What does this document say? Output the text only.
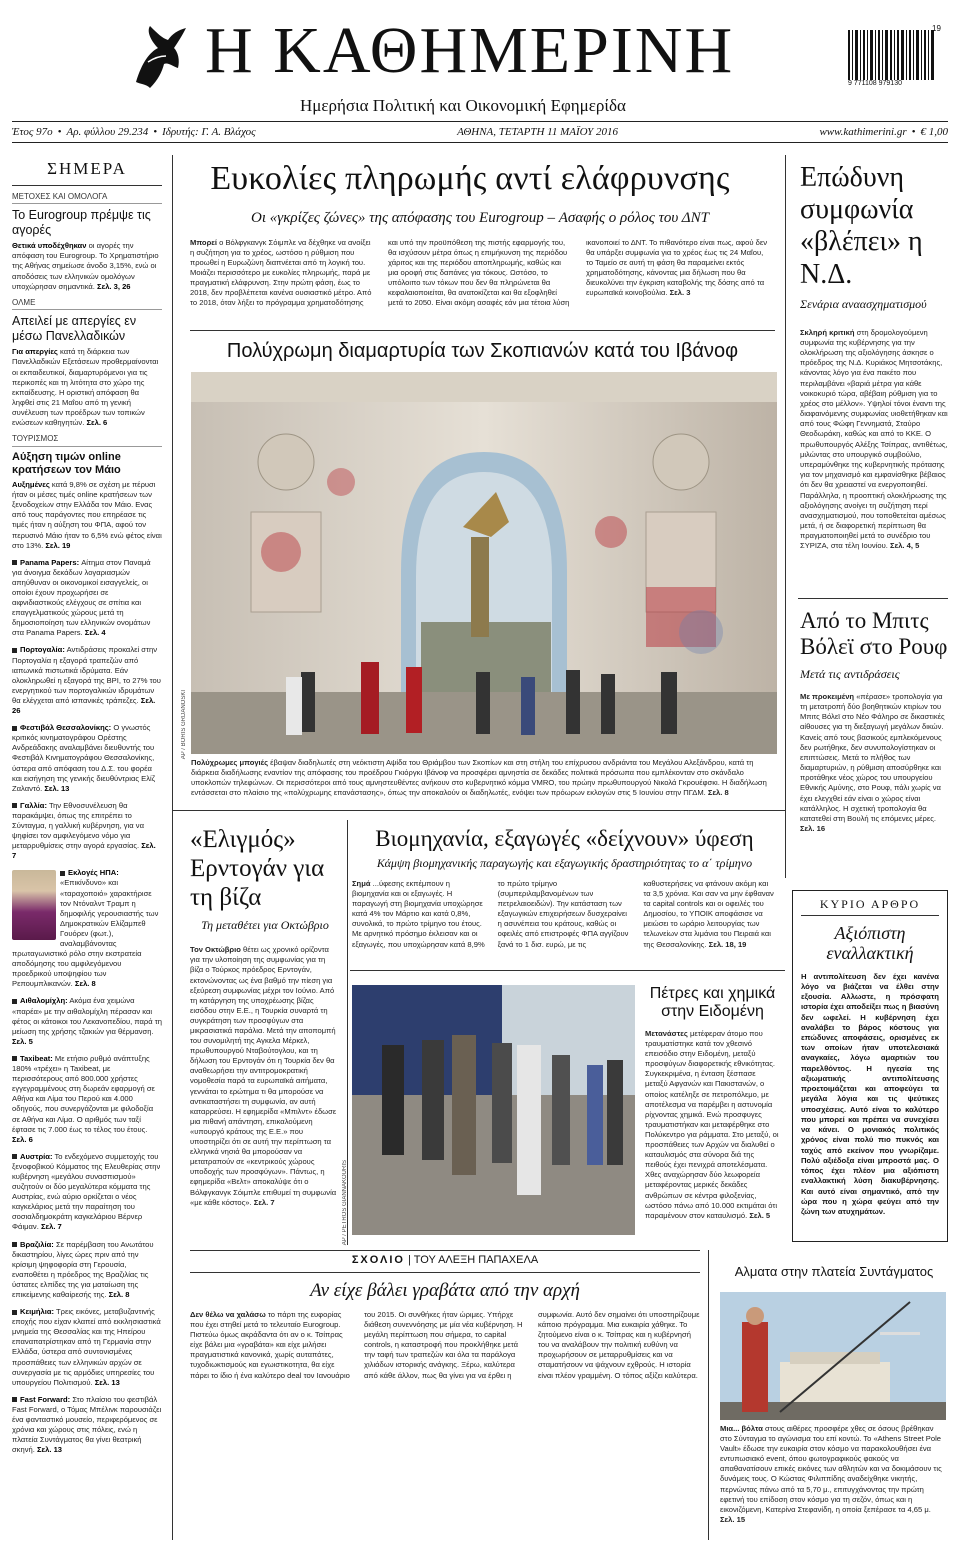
Η ΚΑΘΗΜΕΡΙΝΗ
Ημερήσια Πολιτική και Οικονομική Εφημερίδα
9 771108 979130
19
Έτος 97ο • Αρ. φύλλου 29.234 • Ιδρυτής: Γ. Α. Βλάχος	ΑΘΗΝΑ, ΤΕΤΑΡΤΗ 11 ΜΑΪΟΥ 2016	www.kathimerini.gr • € 1,00
ΣΗΜΕΡΑ
ΜΕΤΟΧΕΣ ΚΑΙ ΟΜΟΛΟΓΑ
Το Eurogroup πρέμψε τις αγορές
Θετικά υποδέχθηκαν οι αγορές την απόφαση του Eurogroup. Το Χρηματιστήριο της Αθήνας σημείωσε άνοδο 3,15%, ενώ οι αποδόσεις των ελληνικών ομολόγων υποχώρησαν σημαντικά. Σελ. 3, 26
ΟΛΜΕ
Απειλεί με απεργίες εν μέσω Πανελλαδικών
Για απεργίες κατά τη διάρκεια των Πανελλαδικών Εξετάσεων προθερμαίνονται οι εκπαιδευτικοί, διαμαρτυρόμενοι για τις περικοπές και τη λιτότητα στο χώρο της εκπαίδευσης. Η οριστική απόφαση θα ληφθεί στις 21 Μαΐου από τη γενική συνέλευση των προέδρων των τοπικών ενώσεων καθηγητών. Σελ. 6
ΤΟΥΡΙΣΜΟΣ
Αύξηση τιμών online κρατήσεων τον Μάιο
Αυξημένες κατά 9,8% σε σχέση με πέρυσι ήταν οι μέσες τιμές online κρατήσεων των ξενοδοχείων στην Ελλάδα τον Μάιο. Ενας από τους παράγοντες που επηρέασε τις τιμές ήταν η αύξηση του ΦΠΑ, αφού τον περυσινό Μάιο ήταν το 6,5% ενώ φέτος είναι στο 13%. Σελ. 19
Panama Papers: Αίτημα στον Παναμά για άνοιγμα δεκάδων λογαριασμών απηύθυναν οι οικονομικοί εισαγγελείς, οι οποίοι έχουν προχωρήσει σε αιφνιδιαστικούς ελέγχους σε σπίτια και επαγγελματικούς χώρους μετά τη δημοσιοποίηση των ελληνικών ονομάτων στα Panama Papers. Σελ. 4
Πορτογαλία: Αντιδράσεις προκαλεί στην Πορτογαλία η εξαγορά τραπεζών από ιαπωνικά πιστωτικά ιδρύματα. Εάν ολοκληρωθεί η εξαγορά της BPI, το 27% του ενεργητικού των πορτογαλικών ιδρυμάτων θα ελέγχεται από ισπανικές τράπεζες. Σελ. 26
Φεστιβάλ Θεσσαλονίκης: Ο γνωστός κριτικός κινηματογράφου Ορέστης Ανδρεάδακης αναλαμβάνει διευθυντής του Φεστιβάλ Κινηματογράφου Θεσσαλονίκης, ύστερα από απόφαση του Δ.Σ. του φορέα και εισήγηση της γενικής διευθύντριας Ελίζ Ζαλαντό. Σελ. 13
Γαλλία: Την Εθνοσυνέλευση θα παρακάμψει, όπως της επιτρέπει το Σύνταγμα, η γαλλική κυβέρνηση, για να ψηφίσει τον αμφιλεγόμενο νόμο για μεταρρυθμίσεις στην αγορά εργασίας. Σελ. 7
Εκλογές ΗΠΑ: «Επικίνδυνο» και «ταραχοποιό» χαρακτήρισε τον Ντόναλντ Τραμπ η δημοφιλής γερουσιαστής των Δημοκρατικών Ελίζαμπεθ Γουόρεν (φωτ.), αναλαμβάνοντας πρωταγωνιστικό ρόλο στην εκστρατεία αποδόμησης του αμφιλεγόμενου προεδρικού υποψηφίου των Ρεπουμπλικανών. Σελ. 8
Αιθαλομίχλη: Ακόμα ένα χειμώνα «παρέα» με την αιθαλομίχλη πέρασαν και φέτος οι κάτοικοι του Λεκανοπεδίου, παρά τη μείωση της χρήσης τζακιών για θέρμανση. Σελ. 5
Taxibeat: Με ετήσιο ρυθμό ανάπτυξης 180% «τρέχει» η Taxibeat, με περισσότερους από 800.000 χρήστες εγγεγραμμένους στη δωρεάν εφαρμογή σε Αθήνα και Λίμα του Περού και 4.000 οδηγούς, που συνεργάζονται με φιλοδοξία σε Αθήνα και Λίμα. Ο αριθμός των ταξί έφτασε τις 7.000 έως το τέλος του έτους. Σελ. 6
Αυστρία: Το ενδεχόμενο συμμετοχής του ξενοφοβικού Κόμματος της Ελευθερίας στην κυβέρνηση «μεγάλου συνασπισμού» συζητούν οι δύο μεγαλύτερα κόμματα της Αυστρίας, ενώ αύριο ορκίζεται ο νέος καγκελάριος μετά την παραίτηση του σοσιαλδημοκράτη καγκελάριου Βέρνερ Φάιμαν. Σελ. 7
Βραζιλία: Σε παρέμβαση του Ανωτάτου δικαστηρίου, λίγες ώρες πριν από την κρίσιμη ψηφοφορία στη Γερουσία, εναποθέτει η πρόεδρος της Βραζιλίας τις ύστατες ελπίδες της για ματαίωση της επικείμενης καθαίρεσής της. Σελ. 8
Κειμήλια: Τρεις εικόνες, μεταβυζαντινής εποχής που είχαν κλαπεί από εκκλησιαστικά μνημεία της Θεσσαλίας και της Ηπείρου επαναπατρίστηκαν από τη Γερμανία στην Ελλάδα, ύστερα από συντονισμένες προσπάθειες των ελληνικών αρχών σε συνεργασία με τις αρμόδιες υπηρεσίες του υπουργείου Πολιτισμού. Σελ. 13
Fast Forward: Στο πλαίσιο του φεστιβάλ Fast Forward, ο Τόμας Μπέλινκ παρουσιάζει ένα φανταστικό μουσείο, περιφερόμενος σε χρόνια και χώρους στις πόλεις, ενώ η πλατεία Συντάγματος θα γίνει θεατρική σκηνή. Σελ. 13
Ευκολίες πληρωμής αντί ελάφρυνσης
Οι «γκρίζες ζώνες» της απόφασης του Eurogroup – Ασαφής ο ρόλος του ΔΝΤ
Μπορεί ο Βόλφγκανγκ Σόιμπλε να δέχθηκε να ανοίξει η συζήτηση για το χρέος, ωστόσο η ρύθμιση που προωθεί η Ευρωζώνη διαπνέεται από τη λογική του. Μοιάζει περισσότερο με ευκολίες πληρωμής, παρά με πραγματική ελάφρυνση. Στην πρώτη φάση, έως το 2018, δεν προβλέπεται κανένα ουσιαστικό μέτρο. Από το 2018, όταν λήξει το πρόγραμμα χρηματοδότησης και υπό την προϋπόθεση της πιστής εφαρμογής του, θα ισχύσουν μέτρα όπως η επιμήκυνση της περιόδου χάριτος και της περιόδου αποπληρωμής, καθώς και μια οροφή στις δαπάνες για τόκους. Ωστόσο, το υπόλοιπο των τόκων που δεν θα πληρώνεται θα κεφαλαιοποιείται, θα ανατοκίζεται και θα εξοφληθεί μετά το 2050. Είναι ακόμη ασαφές εάν μια τέτοια λύση ικανοποιεί το ΔΝΤ. Το πιθανότερο είναι πως, αφού δεν θα υπάρξει συμφωνία για το χρέος έως τις 24 Μαΐου, το Ταμείο σε αυτή τη φάση θα παραμείνει εκτός χρηματοδότησης, κάνοντας μια δήλωση που θα διευκολύνει την έγκριση καταβολής της δόσης από τα ευρωπαϊκά κοινοβούλια. Σελ. 3
Πολύχρωμη διαμαρτυρία των Σκοπιανών κατά του Ιβάνοφ
AP / BORIS GRDANOSKI
Πολύχρωμες μπογιές έβαψαν διαδηλωτές στη νεόκτιστη Αψίδα του Θριάμβου των Σκοπίων και στη στήλη του επίχρυσου ανδριάντα του Μεγάλου Αλεξάνδρου, κατά τη διάρκεια διαδήλωσης εναντίον της απόφασης του προέδρου Γκιόργκι Ιβάνοφ να προσφέρει αμνηστία σε δεκάδες πολιτικά πρόσωπα που εμπλέκονταν στο σκάνδαλο υποκλοπών τηλεφώνων. Οι περισσότεροι από τους αμνηστευθέντες ανήκουν στο κυβερνητικό κόμμα VMRO, του πρώην πρωθυπουργού Νικολά Γκρουέφσκι. Η διαδήλωση εντάσσεται στο πλαίσιο της «πολύχρωμης επανάστασης», όπως την αποκαλούν οι διαδηλωτές, ενόψει των πρόωρων εκλογών στις 5 Ιουνίου στην ΠΓΔΜ. Σελ. 8
Επώδυνη συμφωνία «βλέπει» η Ν.Δ.
Σενάρια αναασχηματισμού
Σκληρή κριτική στη δρομολογούμενη συμφωνία της κυβέρνησης για την ολοκλήρωση της αξιολόγησης άσκησε ο πρόεδρος της Ν.Δ. Κυριάκος Μητσοτάκης, κάνοντας λόγο για ένα πακέτο που περιλαμβάνει «βαριά μέτρα για κάθε νοικοκυριό τώρα, αβέβαιη ρύθμιση για το χρέος στο μέλλον». Υψηλοί τόνοι έναντι της διαφαινόμενης συμφωνίας υιοθετήθηκαν και από τους Φώφη Γεννηματά, Σταύρο Θεοδωράκη, καθώς και από το ΚΚΕ. Ο πρωθυπουργός Αλέξης Τσίπρας, αντιθέτως, μιλώντας στο υπουργικό συμβούλιο, υπεραμύνθηκε της κυβερνητικής πρότασης για τον μηχανισμό και εμφανίσθηκε βέβαιος ότι δεν θα χρειαστεί να ενεργοποιηθεί. Παράλληλα, η προοπτική ολοκλήρωσης της αξιολόγησης ανοίγει τη συζήτηση περί ανασχηματισμού, που τοποθετείται αμέσως μετά, ή σε διαφορετική περίπτωση θα πραγματοποιηθεί μετά το συνέδριο του ΣΥΡΙΖΑ, στα τέλη Ιουνίου. Σελ. 4, 5
Από το Μπιτς Βόλεϊ στο Ρουφ
Μετά τις αντιδράσεις
Με προκειμένη «πέρασε» τροπολογία για τη μετατροπή δύο βοηθητικών κτιρίων του Μπιτς Βόλεϊ στο Νέο Φάληρο σε δικαστικές αίθουσες για τη διεξαγωγή μεγάλων δικών. Κανείς από τους βασικούς εμπλεκόμενους δεν ρωτήθηκε, δεν συνυπολογίστηκαν οι επιπτώσεις. Μετά το πλήθος των διαμαρτυριών, η ρύθμιση αποσύρθηκε και προτάθηκε νέος χώρος του υπουργείου Εθνικής Αμύνης, στο Ρουφ, πάλι χωρίς να έχει ελεγχθεί εάν είναι ο χώρος είναι κατάλληλος. Η σχετική τροπολογία θα κατατεθεί στη Βουλή τις επόμενες μέρες. Σελ. 16
«Ελιγμός» Ερντογάν για τη βίζα
Τη μεταθέτει για Οκτώβριο
Τον Οκτώβριο θέτει ως χρονικό ορίζοντα για την υλοποίηση της συμφωνίας για τη βίζα ο Τούρκος πρόεδρος Ερντογάν, εκτονώνοντας ως ένα βαθμό την πίεση για εξεύρεση συμφωνίας μέχρι τον Ιούνιο. Από τη κατάργηση της υποχρέωσης βίζας εισόδου στην Ε.Ε., η Τουρκία συναρτά τη συγκράτηση των προσφύγων στα μικρασιατικά παράλια. Μετά την αποπομπή του συνομιλητή της Αγκελα Μέρκελ, πρωθυπουργού Νταβούτογλου, και τη δήλωση του Ερντογάν ότι η Τουρκία δεν θα αναθεωρήσει την αντιτρομοκρατική νομοθεσία παρά τα ευρωπαϊκά αιτήματα, γεννάται το ερώτημα τι θα μπορούσε να αντικαταστήσει τη συμφωνία, αν αυτή καταρρεύσει. Η εφημερίδα «Μπιλντ» έδωσε μια πιθανή απάντηση, επικαλούμενη «υπουργό κράτους της Ε.Ε.» που υποστηρίζει ότι σε αυτή την περίπτωση τα ελληνικά νησιά θα μπορούσαν να μετατραπούν σε «κεντρικούς χώρους υποδοχής των προσφύγων». Πάντως, η εφημερίδα «Βελτ» αποκαλύψε ότι ο Βόλφγκανγκ Σόιμπλε επιθυμεί τη συμφωνία «με κάθε κόστος». Σελ. 7
Βιομηχανία, εξαγωγές «δείχνουν» ύφεση
Κάμψη βιομηχανικής παραγωγής και εξαγωγικής δραστηριότητας το α΄ τρίμηνο
Σημά ...ύφεσης εκπέμπουν η βιομηχανία και οι εξαγωγές. Η παραγωγή στη βιομηχανία υποχώρησε κατά 4% τον Μάρτιο και κατά 0,8%, συνολικά, το πρώτο τρίμηνο του έτους. Με αρνητικό πρόσημο έκλεισαν και οι εξαγωγές, που υποχώρησαν κατά 8,9% το πρώτο τρίμηνο (συμπεριλαμβανομένων των πετρελαιοειδών). Την κατάσταση των εξαγωγικών επιχειρήσεων δυσχεραίνει η ασυνέπεια του κράτους, καθώς οι οφειλές από επιστροφές ΦΠΑ αγγίζουν ξανά το 1 δισ. ευρώ, με τις καθυστερήσεις να φτάνουν ακόμη και τα 3,5 χρόνια. Και σαν να μην έφθαναν τα capital controls και οι οφειλές του Δημοσίου, το ΥΠΟΙΚ αποφάσισε να μειώσει το ωράριο λειτουργίας των τελωνείων στα λιμάνια του Πειραιά και της Θεσσαλονίκης. Σελ. 18, 19
AP / PETROS GIANNAKOURIS
Πέτρες και χημικά στην Ειδομένη
Μετανάστες μετέφεραν άτομο που τραυματίστηκε κατά τον χθεσινό επεισόδιο στην Ειδομένη, μεταξύ προσφύγων διαφορετικής εθνικότητας. Συγκεκριμένα, η ένταση ξέσπασε μεταξύ Αφγανών και Πακιστανών, ο οποίος κατέληξε σε πετροπόλεμο, με αποτέλεσμα να παρέμβει η αστυνομία ρίχνοντας χημικά. Ενώ προσφυγες τραυματιστήκαν και μεταφέρθηκε στο Πολύκεντρο για ράμματα. Στο μεταξύ, οι προσπάθειες των Αρχών να διαλυθεί ο καταυλισμός στα σύνορα διά της πειθούς έχει πενιχρά αποτελέσματα. Χθες αναχώρησαν δύο λεωφορεία μεταφέροντας μερικές δεκάδες ανθρώπων σε κέντρα φιλοξενίας, ωστόσο πάνω από 10.000 εκτιμάται ότι παραμένουν στον καταυλισμό. Σελ. 5
ΚΥΡΙΟ ΑΡΘΡΟ
Αξιόπιστη εναλλακτική
Η αντιπολίτευση δεν έχει κανένα λόγο να βιάζεται να έλθει στην εξουσία. Αλλωστε, η πρόσφατη ιστορία έχει αποδείξει πως η βιασύνη δεν ωφελεί. Η κυβέρνηση έχει αναλάβει το βάρος κόστους για επώδυνες αποφάσεις, ορισμένες εκ των οποίων ήταν υποτελεσιακά αναγκαίες, λόγω αμαρτιών του παρελθόντος. Η ηγεσία της αξιωματικής αντιπολίτευσης προετοιμάζεται και αποφεύγει τα μεγάλα λόγια και τις ψεύτικες υποσχέσεις. Αυτό είναι το καλύτερο που μπορεί και πρέπει να συνεχίσει να κάνει. Ο μονιακός πολιτικός χρόνος είναι πολύ πιο πυκνός και ταχύς από εκείνον που γνωρίζαμε. Πολύ αξιέδοξα είναι μπροστά μας. Ο τόπος έχει πλέον μια αξιόπιστη εναλλακτική λύση διακυβέρνησης. Και αυτό είναι σημαντικό, από την ώρα που η χώρα φεύγει από την ζώνη των ατυχημάτων.
ΣΧΟΛΙΟ | ΤΟΥ ΑΛΕΞΗ ΠΑΠΑΧΕΛΑ
Αν είχε βάλει γραβάτα από την αρχή
Δεν θέλω να χαλάσω το πάρτι της ευφορίας που έχει στηθεί μετά το τελευταίο Eurogroup. Πιστεύω όμως ακράδαντα ότι αν ο κ. Τσίπρας είχε βάλει μια «γραβάτα» και είχε μιλήσει πραγματιστικά κανονικά, χωρίς αυταπάτες, τυχοδιωκτισμούς και εγωιστικοτητα, θα είχε πάρει το ίδιο ή ένα καλύτερο deal τον Ιανουάριο του 2015. Οι συνθήκες ήταν ώριμες. Υπήρχε διάθεση συνεννόησης με μία νέα κυβέρνηση. Η μεγάλη περίπτωση που σήμερα, το capital controls, η καταστροφή που προκλήθηκε μετά την ταφή των τραπεζών και όλα τα παράλογα χιλιάδων ιστορικής ανάγκης. Ξέρω, καλύτερα από κάθε άλλον, πως θα γίνει για να έρθει η συμφωνία. Αυτό δεν σημαίνει ότι υποστηρίζουμε κάποιο πρόγραμμα. Μια ευκαιρία χάθηκε. Το ζητούμενο είναι ο κ. Τσίπρας και η κυβέρνησή του να αναλάβουν την πολιτική ευθύνη να προχωρήσουν σε μεταρρυθμίσεις και να σταματήσουν να ψάχνουν εχθρούς. Η ιστορία είναι πλέον γραμμένη. Ο τόπος αξίζει καλύτερα.
Αλματα στην πλατεία Συντάγματος
Μια... βόλτα στους αιθέρες προσφέρε χθες σε όσους βρέθηκαν στο Σύνταγμα το αγώνισμα του επί κοντώ. Το «Athens Street Pole Vault» έδωσε την ευκαιρία στον κόσμο να παρακολουθήσει ένα εντυπωσιακό event, όπου φωτογραφικούς φακούς να απαθανατίσουν επικές εικόνες των αθλητών και να δοκιμάσουν τις δυνάμεις τους. Ο Κώστας Φιλιππίδης αναδείχθηκε νικητής, περνώντας πάνω από τα 5,70 μ., επιτυγχάνοντας την πρώτη εφετινή του επίδοση στον κόσμο για τη σεζόν, όπως και η εικονιζόμενη, Κατερίνα Στεφανίδη, η οποία ξεπέρασε τα 4,65 μ. Σελ. 15
